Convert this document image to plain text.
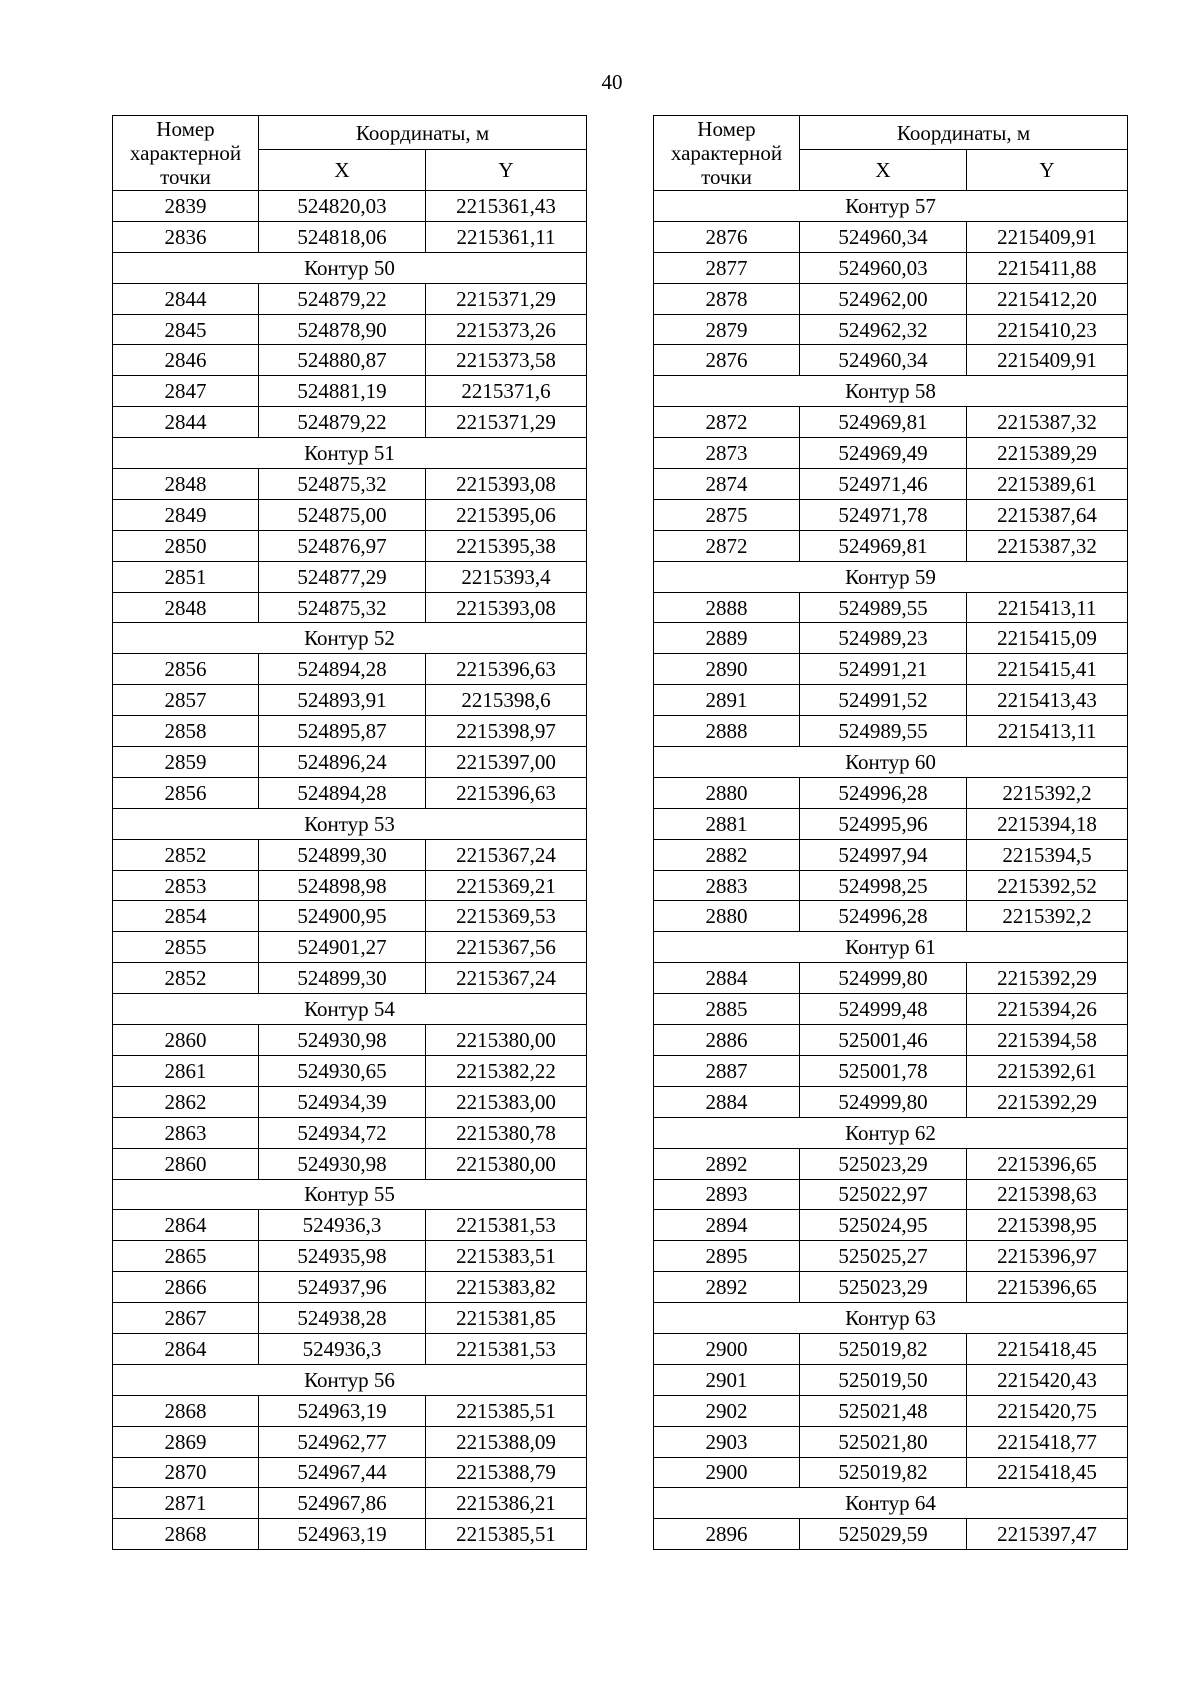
40
Номер характерной точки	Координаты, м	
	X	Y
2839	524820,03	2215361,43
2836	524818,06	2215361,11
Контур 50		
2844	524879,22	2215371,29
2845	524878,90	2215373,26
2846	524880,87	2215373,58
2847	524881,19	2215371,6
2844	524879,22	2215371,29
Контур 51		
2848	524875,32	2215393,08
2849	524875,00	2215395,06
2850	524876,97	2215395,38
2851	524877,29	2215393,4
2848	524875,32	2215393,08
Контур 52		
2856	524894,28	2215396,63
2857	524893,91	2215398,6
2858	524895,87	2215398,97
2859	524896,24	2215397,00
2856	524894,28	2215396,63
Контур 53		
2852	524899,30	2215367,24
2853	524898,98	2215369,21
2854	524900,95	2215369,53
2855	524901,27	2215367,56
2852	524899,30	2215367,24
Контур 54		
2860	524930,98	2215380,00
2861	524930,65	2215382,22
2862	524934,39	2215383,00
2863	524934,72	2215380,78
2860	524930,98	2215380,00
Контур 55		
2864	524936,3	2215381,53
2865	524935,98	2215383,51
2866	524937,96	2215383,82
2867	524938,28	2215381,85
2864	524936,3	2215381,53
Контур 56		
2868	524963,19	2215385,51
2869	524962,77	2215388,09
2870	524967,44	2215388,79
2871	524967,86	2215386,21
2868	524963,19	2215385,51
Номер характерной точки	Координаты, м	
	X	Y
Контур 57		
2876	524960,34	2215409,91
2877	524960,03	2215411,88
2878	524962,00	2215412,20
2879	524962,32	2215410,23
2876	524960,34	2215409,91
Контур 58		
2872	524969,81	2215387,32
2873	524969,49	2215389,29
2874	524971,46	2215389,61
2875	524971,78	2215387,64
2872	524969,81	2215387,32
Контур 59		
2888	524989,55	2215413,11
2889	524989,23	2215415,09
2890	524991,21	2215415,41
2891	524991,52	2215413,43
2888	524989,55	2215413,11
Контур 60		
2880	524996,28	2215392,2
2881	524995,96	2215394,18
2882	524997,94	2215394,5
2883	524998,25	2215392,52
2880	524996,28	2215392,2
Контур 61		
2884	524999,80	2215392,29
2885	524999,48	2215394,26
2886	525001,46	2215394,58
2887	525001,78	2215392,61
2884	524999,80	2215392,29
Контур 62		
2892	525023,29	2215396,65
2893	525022,97	2215398,63
2894	525024,95	2215398,95
2895	525025,27	2215396,97
2892	525023,29	2215396,65
Контур 63		
2900	525019,82	2215418,45
2901	525019,50	2215420,43
2902	525021,48	2215420,75
2903	525021,80	2215418,77
2900	525019,82	2215418,45
Контур 64		
2896	525029,59	2215397,47
